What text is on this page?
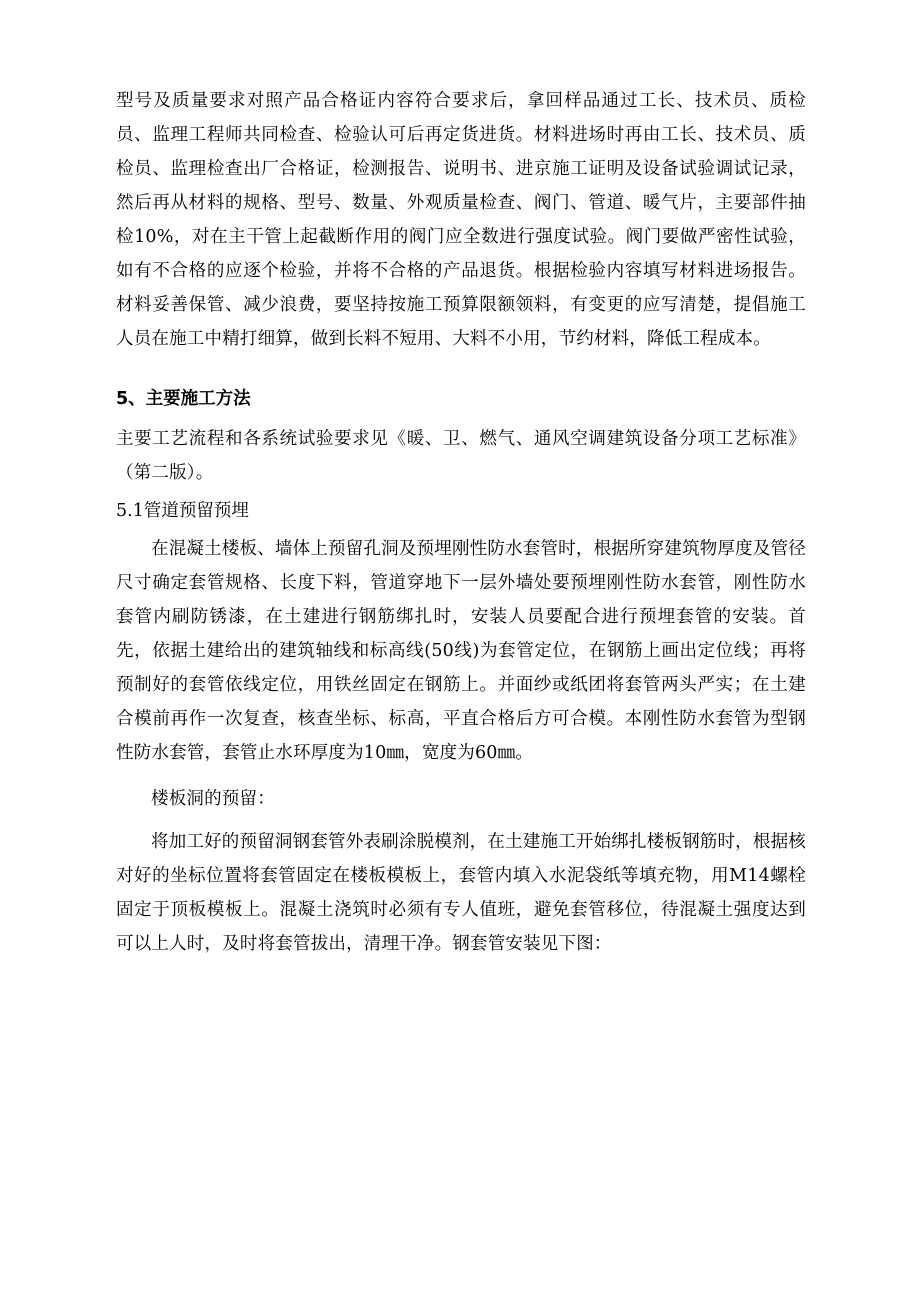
型号及质量要求对照产品合格证内容符合要求后，拿回样品通过工长、技术员、质检员、监理工程师共同检查、检验认可后再定货进货。材料进场时再由工长、技术员、质检员、监理检查出厂合格证，检测报告、说明书、进京施工证明及设备试验调试记录，然后再从材料的规格、型号、数量、外观质量检查、阀门、管道、暖气片，主要部件抽检10%，对在主干管上起截断作用的阀门应全数进行强度试验。阀门要做严密性试验，如有不合格的应逐个检验，并将不合格的产品退货。根据检验内容填写材料进场报告。材料妥善保管、减少浪费，要坚持按施工预算限额领料，有变更的应写清楚，提倡施工人员在施工中精打细算，做到长料不短用、大料不小用，节约材料，降低工程成本。

5、主要施工方法

主要工艺流程和各系统试验要求见《暖、卫、燃气、通风空调建筑设备分项工艺标准》（第二版）。

5.1管道预留预埋

在混凝土楼板、墙体上预留孔洞及预埋刚性防水套管时，根据所穿建筑物厚度及管径尺寸确定套管规格、长度下料，管道穿地下一层外墙处要预埋刚性防水套管，刚性防水套管内刷防锈漆，在土建进行钢筋绑扎时，安装人员要配合进行预埋套管的安装。首先，依据土建给出的建筑轴线和标高线(50线)为套管定位，在钢筋上画出定位线；再将预制好的套管依线定位，用铁丝固定在钢筋上。并面纱或纸团将套管两头严实；在土建合模前再作一次复查，核查坐标、标高，平直合格后方可合模。本刚性防水套管为型钢性防水套管，套管止水环厚度为10㎜，宽度为60㎜。

楼板洞的预留：

将加工好的预留洞钢套管外表刷涂脱模剂，在土建施工开始绑扎楼板钢筋时，根据核对好的坐标位置将套管固定在楼板模板上，套管内填入水泥袋纸等填充物，用M14螺栓固定于顶板模板上。混凝土浇筑时必须有专人值班，避免套管移位，待混凝土强度达到可以上人时，及时将套管拔出，清理干净。钢套管安装见下图：
